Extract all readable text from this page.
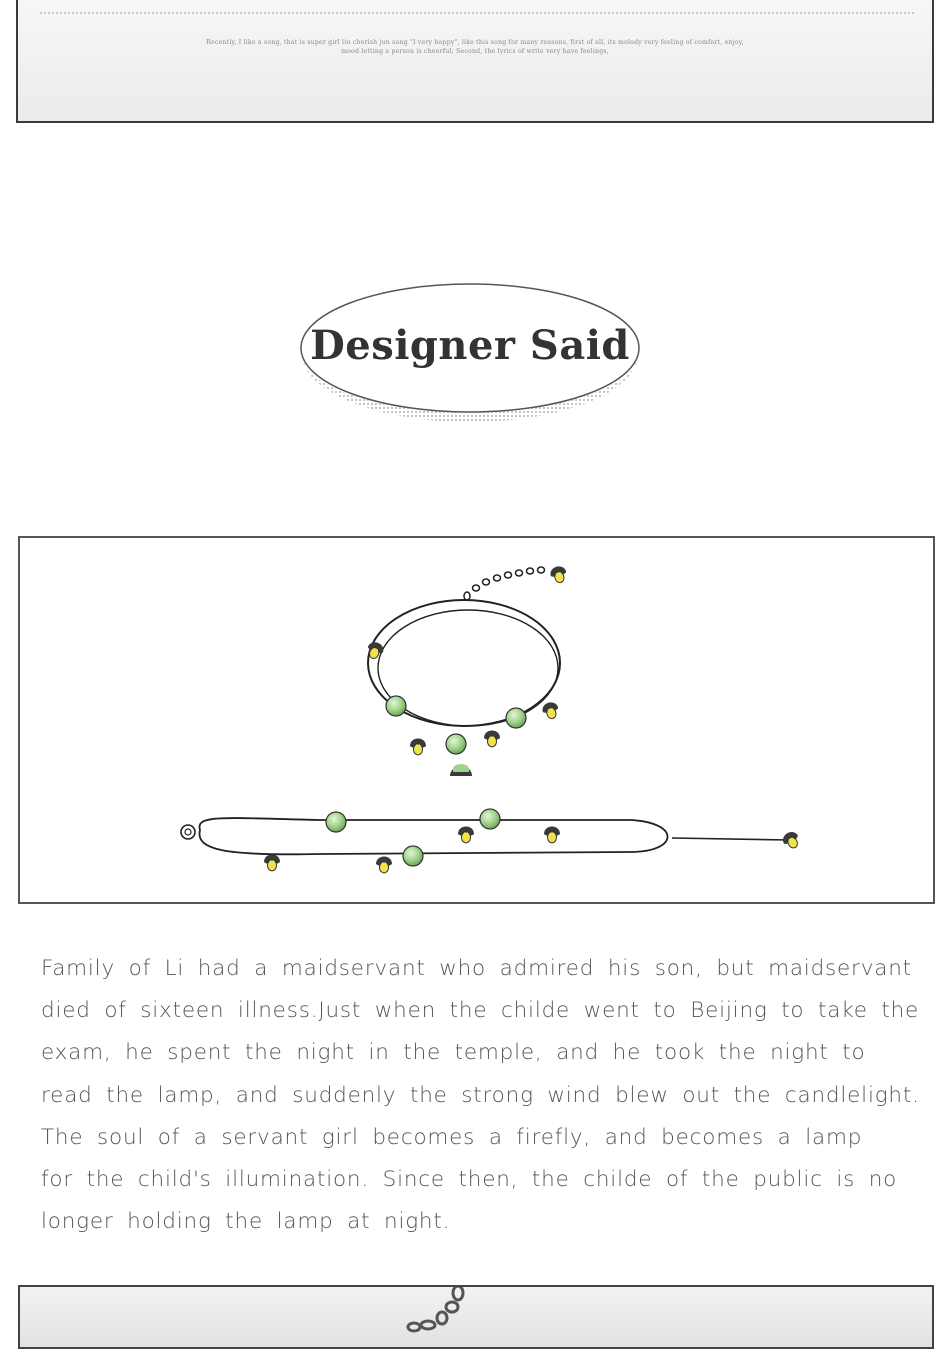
Recently, I like a song, that is super girl liu cherish jun sang "I very happy", like this song for many reasons, first of all, its melody very feeling of comfort, enjoy, mood letting a person is cheerful; Second, the lyrics of write very have feelings,
Designer Said
Family of Li had a maidservant who admired his son, but maidservant
died of sixteen illness.Just when the childe went to Beijing to take the
exam, he spent the night in the temple, and he took the night to
read the lamp, and suddenly the strong wind blew out the candlelight.
The soul of a servant girl becomes a firefly, and becomes a lamp
for the child's illumination. Since then, the childe of the public is no
longer holding the lamp at night.
